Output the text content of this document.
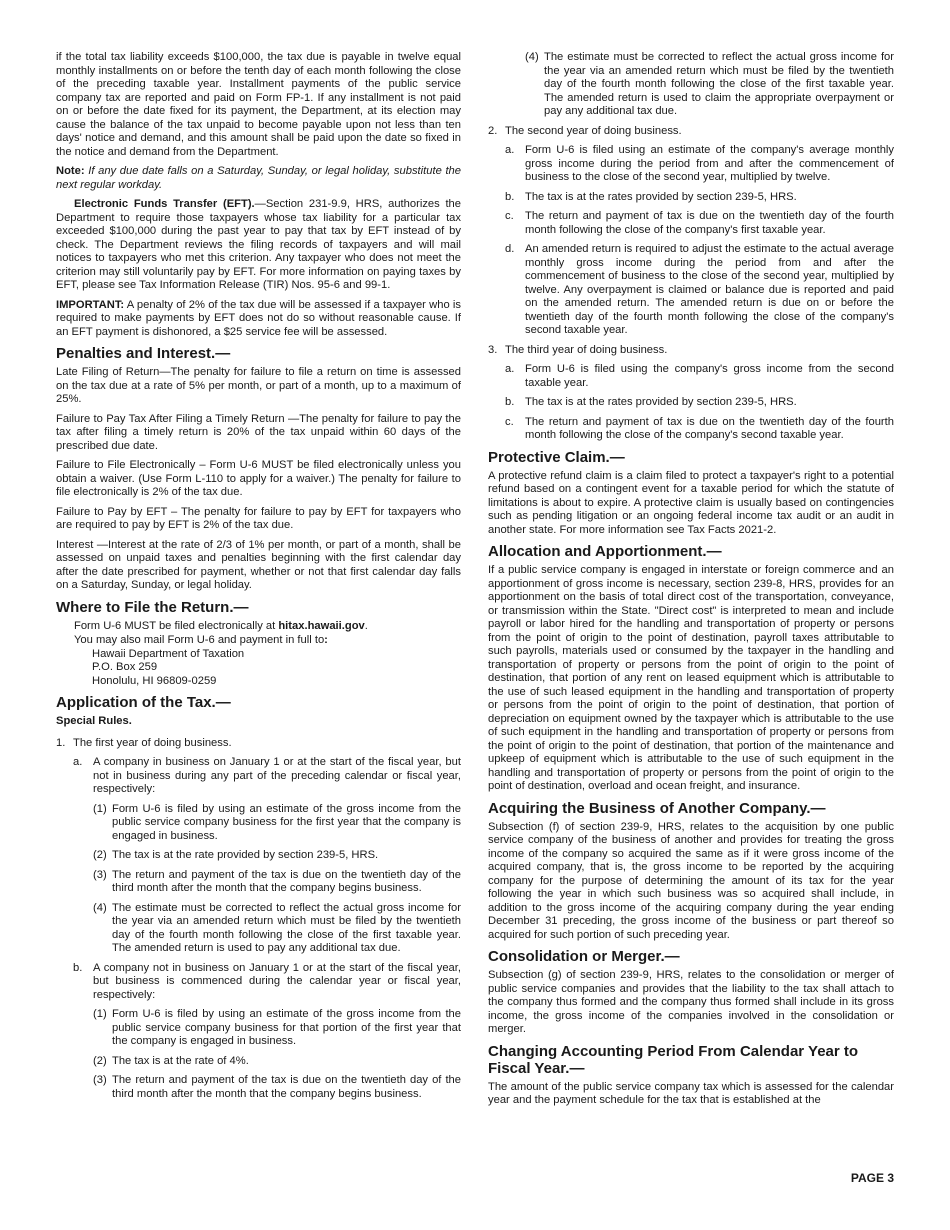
if the total tax liability exceeds $100,000, the tax due is payable in twelve equal monthly installments on or before the tenth day of each month following the close of the preceding taxable year. Installment payments of the public service company tax are reported and paid on Form FP-1. If any installment is not paid on or before the date fixed for its payment, the Department, at its election may cause the balance of the tax unpaid to become payable upon not less than ten days' notice and demand, and this amount shall be paid upon the date so fixed in the notice and demand from the Department.

Note: If any due date falls on a Saturday, Sunday, or legal holiday, substitute the next regular workday.

Electronic Funds Transfer (EFT).—Section 231-9.9, HRS, authorizes the Department to require those taxpayers whose tax liability for a particular tax exceeded $100,000 during the past year to pay that tax by EFT instead of by check. The Department reviews the filing records of taxpayers and will mail notices to taxpayers who met this criterion. Any taxpayer who does not meet the criterion may still voluntarily pay by EFT. For more information on paying taxes by EFT, please see Tax Information Release (TIR) Nos. 95-6 and 99-1.

IMPORTANT: A penalty of 2% of the tax due will be assessed if a taxpayer who is required to make payments by EFT does not do so without reasonable cause. If an EFT payment is dishonored, a $25 service fee will be assessed.

Penalties and Interest.—

Late Filing of Return—The penalty for failure to file a return on time is assessed on the tax due at a rate of 5% per month, or part of a month, up to a maximum of 25%.

Failure to Pay Tax After Filing a Timely Return —The penalty for failure to pay the tax after filing a timely return is 20% of the tax unpaid within 60 days of the prescribed due date.

Failure to File Electronically – Form U-6 MUST be filed electronically unless you obtain a waiver. (Use Form L-110 to apply for a waiver.) The penalty for failure to file electronically is 2% of the tax due.

Failure to Pay by EFT – The penalty for failure to pay by EFT for taxpayers who are required to pay by EFT is 2% of the tax due.

Interest —Interest at the rate of 2/3 of 1% per month, or part of a month, shall be assessed on unpaid taxes and penalties beginning with the first calendar day after the date prescribed for payment, whether or not that first calendar day falls on a Saturday, Sunday, or legal holiday.

Where to File the Return.—
Form U-6 MUST be filed electronically at hitax.hawaii.gov.
You may also mail Form U-6 and payment in full to:
Hawaii Department of Taxation
P.O. Box 259
Honolulu, HI 96809-0259
Application of the Tax.—
Special Rules.
1. The first year of doing business.
a. A company in business on January 1 or at the start of the fiscal year, but not in business during any part of the preceding calendar or fiscal year, respectively:
(1) Form U-6 is filed by using an estimate of the gross income from the public service company business for the first year that the company is engaged in business.
(2) The tax is at the rate provided by section 239-5, HRS.
(3) The return and payment of the tax is due on the twentieth day of the third month after the month that the company begins business.
(4) The estimate must be corrected to reflect the actual gross income for the year via an amended return which must be filed by the twentieth day of the fourth month following the close of the first taxable year. The amended return is used to pay any additional tax due.
b. A company not in business on January 1 or at the start of the fiscal year, but business is commenced during the calendar year or fiscal year, respectively:
(1) Form U-6 is filed by using an estimate of the gross income from the public service company business for that portion of the first year that the company is engaged in business.
(2) The tax is at the rate of 4%.
(3) The return and payment of the tax is due on the twentieth day of the third month after the month that the company begins business.
(4) The estimate must be corrected to reflect the actual gross income for the year via an amended return which must be filed by the twentieth day of the fourth month following the close of the first taxable year. The amended return is used to claim the appropriate overpayment or pay any additional tax due.
2. The second year of doing business.
a. Form U-6 is filed using an estimate of the company's average monthly gross income during the period from and after the commencement of business to the close of the second year, multiplied by twelve.
b. The tax is at the rates provided by section 239-5, HRS.
c.	The return and payment of tax is due on the twentieth day of the fourth month following the close of the company's first taxable year.
d. An amended return is required to adjust the estimate to the actual average monthly gross income during the period from and after the commencement of business to the close of the second year, multiplied by twelve. Any overpayment is claimed or balance due is reported and paid on the amended return. The amended return is due on or before the twentieth day of the fourth month following the close of the company's second taxable year.
3. The third year of doing business.
a. Form U-6 is filed using the company's gross income from the second taxable year.
b. The tax is at the rates provided by section 239-5, HRS.
c.	The return and payment of tax is due on the twentieth day of the fourth month following the close of the company's second taxable year.
Protective Claim.—

A protective refund claim is a claim filed to protect a taxpayer's right to a potential refund based on a contingent event for a taxable period for which the statute of limitations is about to expire. A protective claim is usually based on contingencies such as pending litigation or an ongoing federal income tax audit or an audit in another state. For more information see Tax Facts 2021-2.

Allocation and Apportionment.—

If a public service company is engaged in interstate or foreign commerce and an apportionment of gross income is necessary, section 239-8, HRS, provides for an apportionment on the basis of total direct cost of the transportation, conveyance, or transmission within the State. "Direct cost" is interpreted to mean and include payroll or labor hired for the handling and transportation of property or persons from the point of origin to the point of destination, payroll taxes attributable to such payrolls, materials used or consumed by the taxpayer in the handling and transportation of property or persons from the point of origin to the point of destination, that portion of any rent on leased equipment which is attributable to the use of such leased equipment in the handling and transportation of property or persons from the point of origin to the point of destination, that portion of depreciation on equipment owned by the taxpayer which is attributable to the use of such equipment in the handling and transportation of property or persons from the point of origin to the point of destination, that portion of the maintenance and upkeep of equipment which is attributable to the use of such equipment in the handling and transportation of property or persons from the point of origin to the point of destination, overload and ocean freight, and insurance.

Acquiring the Business of Another Company.—

Subsection (f) of section 239-9, HRS, relates to the acquisition by one public service company of the business of another and provides for treating the gross income of the company so acquired the same as if it were gross income of the acquired company, that is, the gross income to be reported by the acquiring company for the purpose of determining the amount of its tax for the year following the year in which such business was so acquired shall include, in addition to the gross income of the acquiring company during the year ending December 31 preceding, the gross income of the business or part thereof so acquired for such portion of such preceding year.

Consolidation or Merger.—

Subsection (g) of section 239-9, HRS, relates to the consolidation or merger of public service companies and provides that the liability to the tax shall attach to the company thus formed and the company thus formed shall include in its gross income, the gross income of the companies involved in the consolidation or merger.

Changing Accounting Period From Calendar Year to Fiscal Year.—

The amount of the public service company tax which is assessed for the calendar year and the payment schedule for the tax that is established at the

PAGE 3
